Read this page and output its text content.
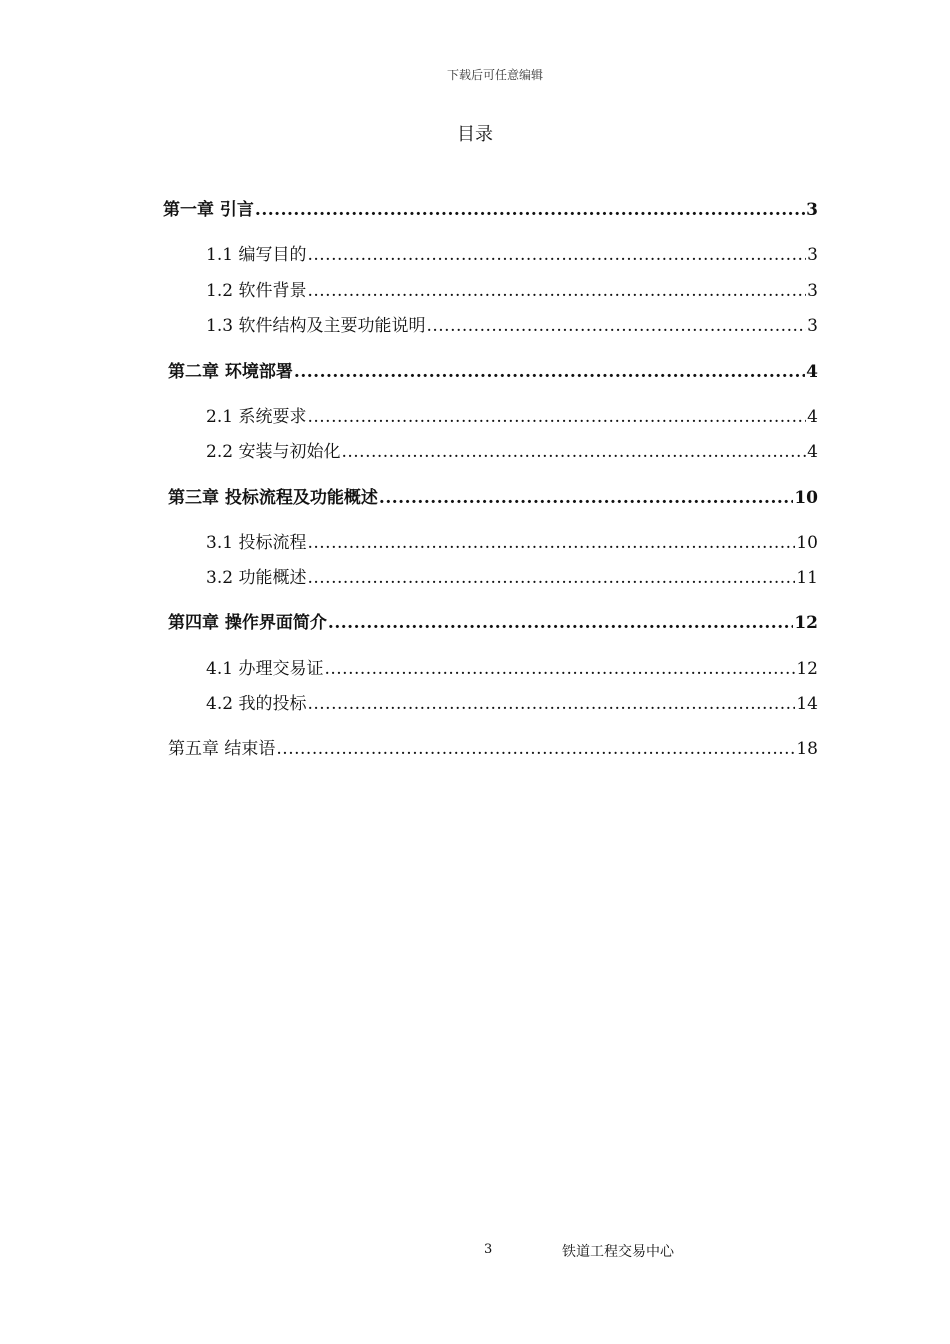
下载后可任意编辑
目录
第一章 引言 .....	3
1.1 编写目的 .....	3
1.2 软件背景 .....	3
1.3 软件结构及主要功能说明 .....	3
第二章 环境部署 .....	4
2.1 系统要求 .....	4
2.2 安装与初始化 .....	4
第三章 投标流程及功能概述 .....	10
3.1 投标流程 .....	10
3.2 功能概述 .....	11
第四章 操作界面简介 .....	12
4.1 办理交易证 .....	12
4.2 我的投标 .....	14
第五章 结束语 .....	18
3	铁道工程交易中心
